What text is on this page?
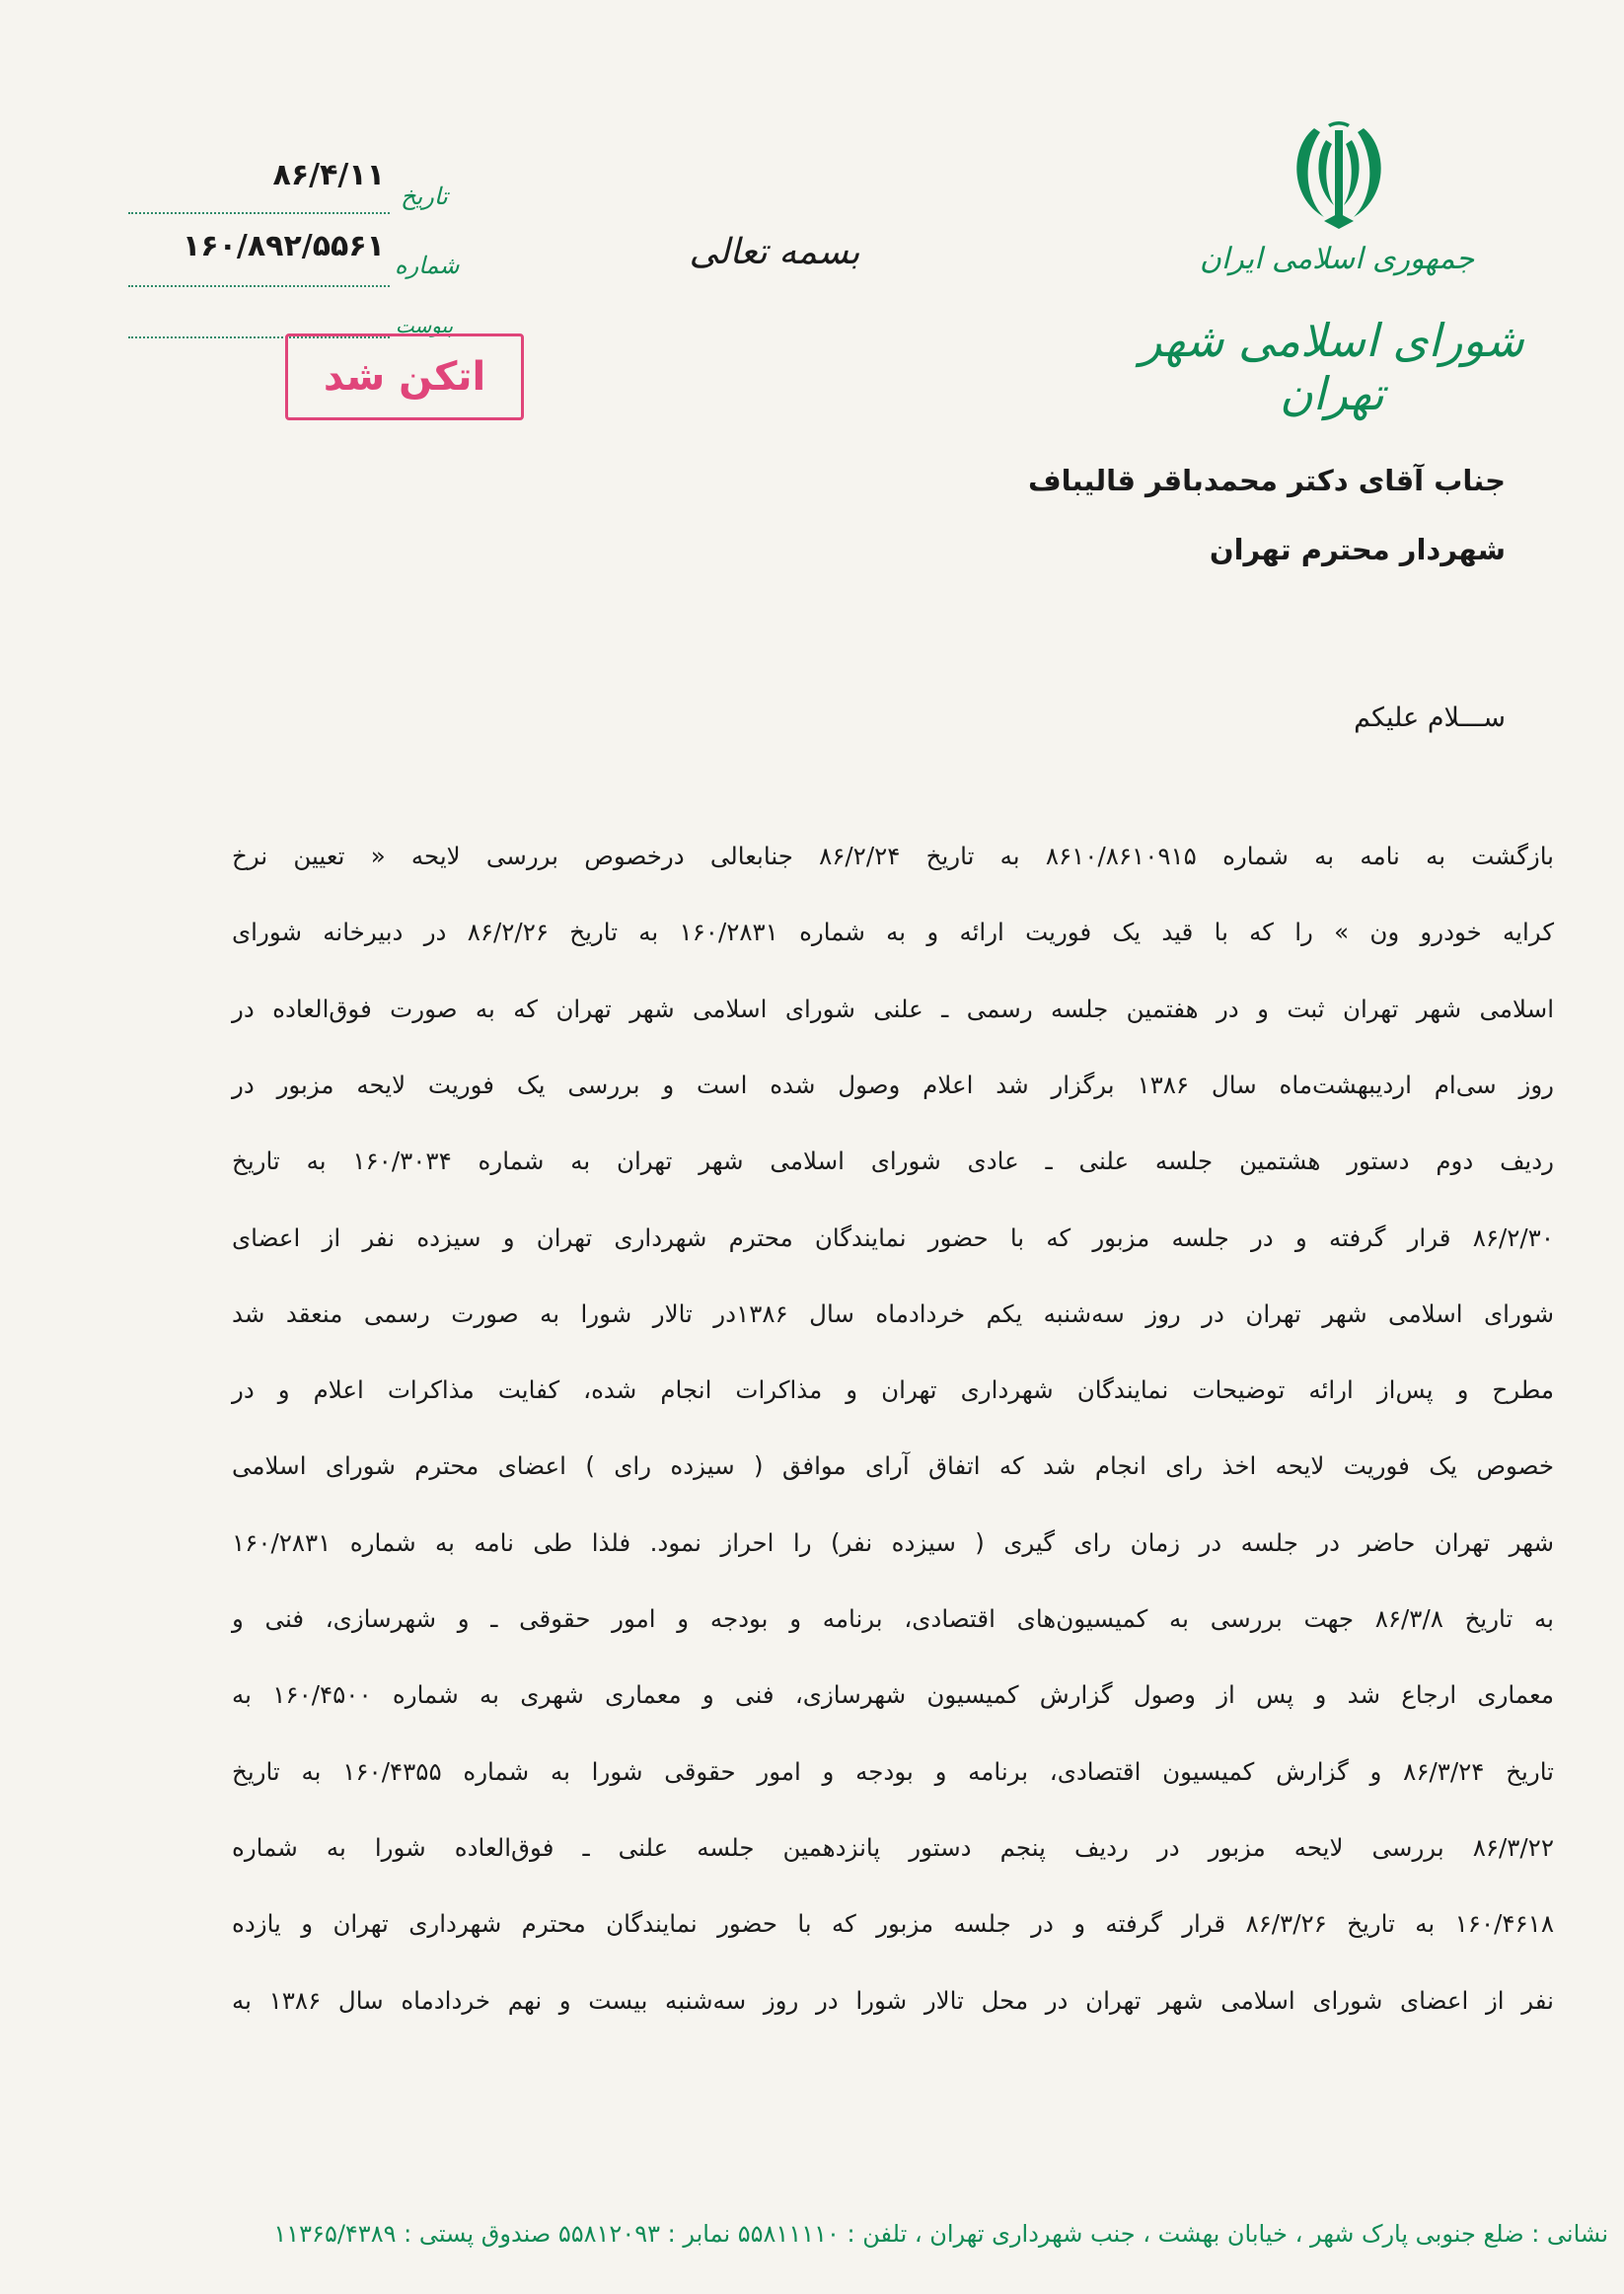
جمهوری اسلامی ایران
شورای اسلامی شهر تهران
بسمه تعالی
۸۶/۴/۱۱
۱۶۰/۸۹۲/۵۵۶۱
تاریخ
شماره
پیوست
اتکن شد
جناب آقای دکتر محمدباقر قالیباف
شهردار محترم تهران
ســـلام علیکم
بازگشت به نامه به شماره ۸۶۱۰/۸۶۱۰۹۱۵ به تاریخ ۸۶/۲/۲۴ جنابعالی درخصوص بررسی لایحه « تعیین نرخ
کرایه خودرو ون » را که با قید یک فوریت ارائه و به شماره ۱۶۰/۲۸۳۱ به تاریخ ۸۶/۲/۲۶ در دبیرخانه شورای
اسلامی شهر تهران ثبت و در هفتمین جلسه رسمی ـ علنی شورای اسلامی شهر تهران که به صورت فوق‌العاده در
روز سی‌ام اردیبهشت‌ماه سال ۱۳۸۶ برگزار شد اعلام وصول شده است و بررسی یک فوریت لایحه مزبور در
ردیف دوم دستور هشتمین جلسه علنی ـ عادی شورای اسلامی شهر تهران به شماره ۱۶۰/۳۰۳۴ به تاریخ
۸۶/۲/۳۰ قرار گرفته و در جلسه مزبور که با حضور نمایندگان محترم شهرداری تهران و سیزده نفر از اعضای
شورای اسلامی شهر تهران در روز سه‌شنبه یکم خردادماه سال ۱۳۸۶در تالار شورا به صورت رسمی منعقد شد
مطرح و پس‌از ارائه توضیحات نمایندگان شهرداری تهران و مذاکرات انجام شده، کفایت مذاکرات اعلام و در
خصوص یک فوریت لایحه اخذ رای انجام شد که اتفاق آرای موافق ( سیزده رای ) اعضای محترم شورای اسلامی
شهر تهران حاضر در جلسه در زمان رای گیری ( سیزده نفر) را احراز نمود. فلذا طی نامه به شماره ۱۶۰/۲۸۳۱
به تاریخ ۸۶/۳/۸ جهت بررسی به کمیسیون‌های اقتصادی، برنامه و بودجه و امور حقوقی ـ و شهرسازی، فنی و
معماری ارجاع شد و پس از وصول گزارش کمیسیون شهرسازی، فنی و معماری شهری به شماره ۱۶۰/۴۵۰۰ به
تاریخ ۸۶/۳/۲۴ و گزارش کمیسیون اقتصادی، برنامه و بودجه و امور حقوقی شورا به شماره ۱۶۰/۴۳۵۵ به تاریخ
۸۶/۳/۲۲ بررسی لایحه مزبور در ردیف پنجم دستور پانزدهمین جلسه علنی ـ فوق‌العاده شورا به شماره
۱۶۰/۴۶۱۸ به تاریخ ۸۶/۳/۲۶ قرار گرفته و در جلسه مزبور که با حضور نمایندگان محترم شهرداری تهران و یازده
نفر از اعضای شورای اسلامی شهر تهران در محل تالار شورا در روز سه‌شنبه بیست و نهم خردادماه سال ۱۳۸۶ به
نشانی : ضلع جنوبی پارک شهر ، خیابان بهشت ، جنب شهرداری تهران ، تلفن : ۵۵۸۱۱۱۱۰ نمابر : ۵۵۸۱۲۰۹۳ صندوق پستی : ۱۱۳۶۵/۴۳۸۹
